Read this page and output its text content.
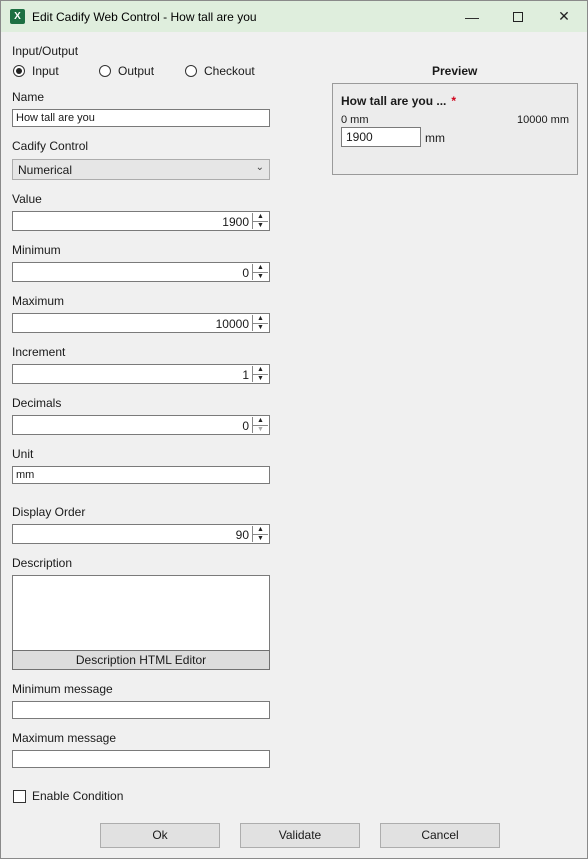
X Edit Cadify Web Control - How tall are you	—	✕
Input/Output
Input	Output	Checkout
Name
How tall are you
Cadify Control
Numerical	⌄
Value
1900	▲
▼
Minimum
0	▲
▼
Maximum
10000	▲
▼
Increment
1	▲
▼
Decimals
0	▲
▼
Unit
mm
Display Order
90	▲
▼
Description
Description HTML Editor
Minimum message
Maximum message
Enable Condition
Ok	Validate	Cancel
Preview
How tall are you ... *
0 mm	10000 mm
1900	mm
